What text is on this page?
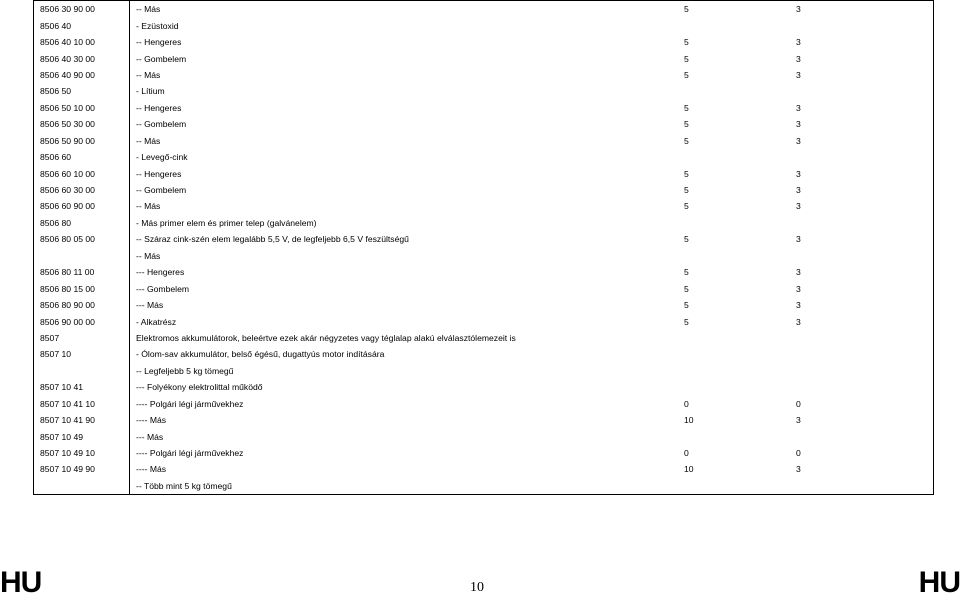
8506 30 90 00	-- Más	5	3
8506 40	- Ezüstoxid		
8506 40 10 00	-- Hengeres	5	3
8506 40 30 00	-- Gombelem	5	3
8506 40 90 00	-- Más	5	3
8506 50	- Lítium		
8506 50 10 00	-- Hengeres	5	3
8506 50 30 00	-- Gombelem	5	3
8506 50 90 00	-- Más	5	3
8506 60	- Levegő-cink		
8506 60 10 00	-- Hengeres	5	3
8506 60 30 00	-- Gombelem	5	3
8506 60 90 00	-- Más	5	3
8506 80	- Más primer elem és primer telep (galvánelem)		
8506 80 05 00	-- Száraz cink-szén elem legalább 5,5 V, de legfeljebb 6,5 V feszültségű	5	3
	-- Más		
8506 80 11 00	--- Hengeres	5	3
8506 80 15 00	--- Gombelem	5	3
8506 80 90 00	--- Más	5	3
8506 90 00 00	- Alkatrész	5	3
8507	Elektromos akkumulátorok, beleértve ezek akár négyzetes vagy téglalap alakú elválasztólemezeit is		
8507 10	- Ólom-sav akkumulátor, belső égésű, dugattyús motor indítására		
	-- Legfeljebb 5 kg tömegű		
8507 10 41	--- Folyékony elektrolittal működő		
8507 10 41 10	---- Polgári légi járművekhez	0	0
8507 10 41 90	---- Más	10	3
8507 10 49	--- Más		
8507 10 49 10	---- Polgári légi járművekhez	0	0
8507 10 49 90	---- Más	10	3
	-- Több mint 5 kg tömegű		
HU	10	HU
